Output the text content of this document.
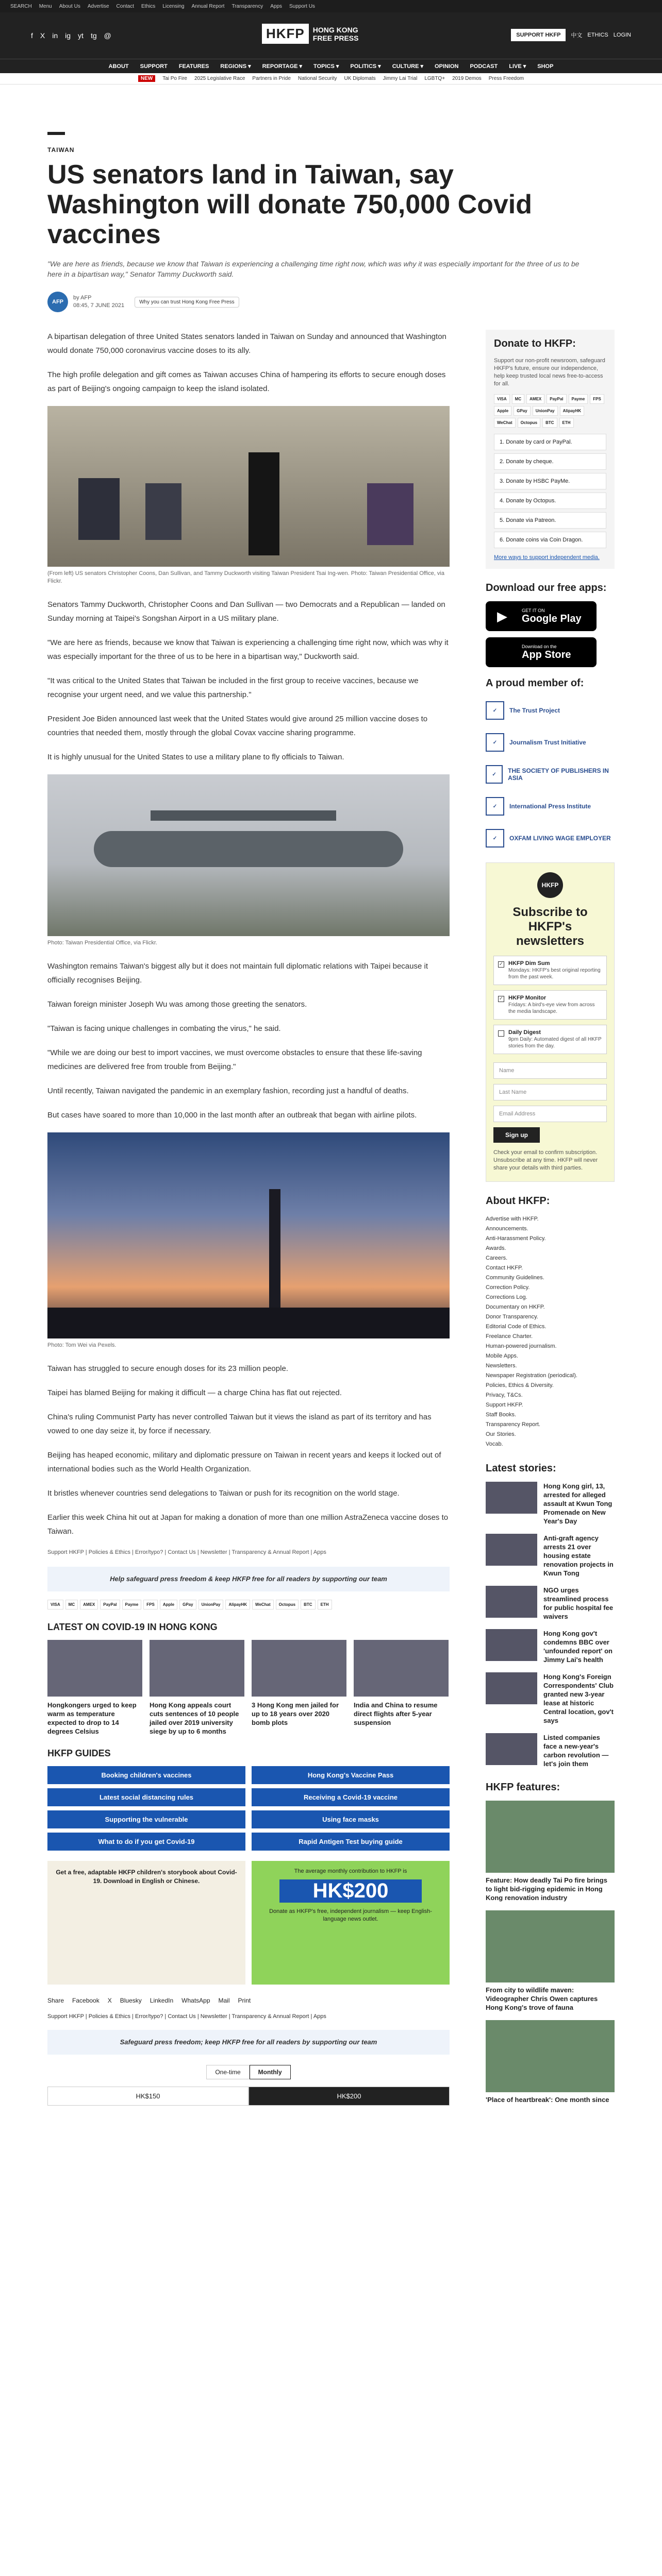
SEARCH Menu About Us Advertise Contact Ethics Licensing Annual Report Transparency Apps Support Us
f X in ig yt tg @	HKFP	HONG KONG
FREE PRESS	SUPPORT HKFP	中文 ETHICS LOGIN
ABOUT SUPPORT FEATURES REGIONS ▾ REPORTAGE ▾ TOPICS ▾ POLITICS ▾ CULTURE ▾ OPINION PODCAST LIVE ▾ SHOP
NEW	Tai Po Fire 2025 Legislative Race Partners in Pride National Security UK Diplomats Jimmy Lai Trial LGBTQ+ 2019 Demos Press Freedom
TAIWAN
US senators land in Taiwan, say Washington will donate 750,000 Covid vaccines
"We are here as friends, because we know that Taiwan is experiencing a challenging time right now, which was why it was especially important for the three of us to be here in a bipartisan way," Senator Tammy Duckworth said.
AFP
by AFP
08:45, 7 JUNE 2021
Why you can trust Hong Kong Free Press

A bipartisan delegation of three United States senators landed in Taiwan on Sunday and announced that Washington would donate 750,000 coronavirus vaccine doses to its ally.

The high profile delegation and gift comes as Taiwan accuses China of hampering its efforts to secure enough doses as part of Beijing's ongoing campaign to keep the island isolated.

(From left) US senators Christopher Coons, Dan Sullivan, and Tammy Duckworth visiting Taiwan President Tsai Ing-wen. Photo: Taiwan Presidential Office, via Flickr.

Senators Tammy Duckworth, Christopher Coons and Dan Sullivan — two Democrats and a Republican — landed on Sunday morning at Taipei's Songshan Airport in a US military plane.

"We are here as friends, because we know that Taiwan is experiencing a challenging time right now, which was why it was especially important for the three of us to be here in a bipartisan way," Duckworth said.

"It was critical to the United States that Taiwan be included in the first group to receive vaccines, because we recognise your urgent need, and we value this partnership."

President Joe Biden announced last week that the United States would give around 25 million vaccine doses to countries that needed them, mostly through the global Covax vaccine sharing programme.

It is highly unusual for the United States to use a military plane to fly officials to Taiwan.

Photo: Taiwan Presidential Office, via Flickr.

Washington remains Taiwan's biggest ally but it does not maintain full diplomatic relations with Taipei because it officially recognises Beijing.

Taiwan foreign minister Joseph Wu was among those greeting the senators.

"Taiwan is facing unique challenges in combating the virus," he said.

"While we are doing our best to import vaccines, we must overcome obstacles to ensure that these life-saving medicines are delivered free from trouble from Beijing."

Until recently, Taiwan navigated the pandemic in an exemplary fashion, recording just a handful of deaths.

But cases have soared to more than 10,000 in the last month after an outbreak that began with airline pilots.

Photo: Tom Wei via Pexels.

Taiwan has struggled to secure enough doses for its 23 million people.

Taipei has blamed Beijing for making it difficult — a charge China has flat out rejected.

China's ruling Communist Party has never controlled Taiwan but it views the island as part of its territory and has vowed to one day seize it, by force if necessary.

Beijing has heaped economic, military and diplomatic pressure on Taiwan in recent years and keeps it locked out of international bodies such as the World Health Organization.

It bristles whenever countries send delegations to Taiwan or push for its recognition on the world stage.

Earlier this week China hit out at Japan for making a donation of more than one million AstraZeneca vaccine doses to Taiwan.

Support HKFP | Policies & Ethics | Error/typo? | Contact Us | Newsletter | Transparency & Annual Report | Apps
Help safeguard press freedom & keep HKFP free for all readers by supporting our team
VISA	MC	AMEX	PayPal	Payme	FPS	Apple	GPay	UnionPay	AlipayHK	WeChat	Octopus	BTC	ETH
LATEST ON COVID-19 IN HONG KONG
Hongkongers urged to keep warm as temperature expected to drop to 14 degrees Celsius
Hong Kong appeals court cuts sentences of 10 people jailed over 2019 university siege by up to 6 months
3 Hong Kong men jailed for up to 18 years over 2020 bomb plots
India and China to resume direct flights after 5-year suspension
HKFP GUIDES
Booking children's vaccines	Hong Kong's Vaccine Pass
Latest social distancing rules	Receiving a Covid-19 vaccine
Supporting the vulnerable	Using face masks
What to do if you get Covid-19	Rapid Antigen Test buying guide
Get a free, adaptable HKFP children's storybook about Covid-19. Download in English or Chinese.
The average monthly contribution to HKFP is
HK$200
Donate as HKFP's free, independent journalism — keep English-language news outlet.
Share Facebook X Bluesky LinkedIn WhatsApp Mail Print
Support HKFP | Policies & Ethics | Error/typo? | Contact Us | Newsletter | Transparency & Annual Report | Apps
Safeguard press freedom; keep HKFP free for all readers by supporting our team
One-time	Monthly
HK$150	HK$200
Donate to HKFP:
Support our non-profit newsroom, safeguard HKFP's future, ensure our independence, help keep trusted local news free-to-access for all.
VISA	MC	AMEX	PayPal	Payme	FPS
Apple	GPay	UnionPay	AlipayHK
WeChat	Octopus	BTC	ETH
1. Donate by card or PayPal.
2. Donate by cheque.
3. Donate by HSBC PayMe.
4. Donate by Octopus.
5. Donate via Patreon.
6. Donate coins via Coin Dragon.
More ways to support independent media.
Download our free apps:
▶	GET IT ON
Google Play
Download on the
App Store
A proud member of:
✓	The Trust Project
✓	Journalism Trust Initiative
✓	THE SOCIETY OF PUBLISHERS IN ASIA
✓	International Press Institute
✓	OXFAM LIVING WAGE EMPLOYER
HKFP
Subscribe to HKFP's newsletters
✓ HKFP Dim Sum
Mondays: HKFP's best original reporting from the past week.
✓ HKFP Monitor
Fridays: A bird's-eye view from across the media landscape.
Daily Digest
9pm Daily: Automated digest of all HKFP stories from the day.
Name
Last Name
Email Address
Sign up
Check your email to confirm subscription. Unsubscribe at any time. HKFP will never share your details with third parties.
About HKFP:
Advertise with HKFP.
Announcements.
Anti-Harassment Policy.
Awards.
Careers.
Contact HKFP.
Community Guidelines.
Correction Policy.
Corrections Log.
Documentary on HKFP.
Donor Transparency.
Editorial Code of Ethics.
Freelance Charter.
Human-powered journalism.
Mobile Apps.
Newsletters.
Newspaper Registration (periodical).
Policies, Ethics & Diversity.
Privacy, T&Cs.
Support HKFP.
Staff Books.
Transparency Report.
Our Stories.
Vocab.
Latest stories:
Hong Kong girl, 13, arrested for alleged assault at Kwun Tong Promenade on New Year's Day
Anti-graft agency arrests 21 over housing estate renovation projects in Kwun Tong
NGO urges streamlined process for public hospital fee waivers
Hong Kong gov't condemns BBC over 'unfounded report' on Jimmy Lai's health
Hong Kong's Foreign Correspondents' Club granted new 3-year lease at historic Central location, gov't says
Listed companies face a new-year's carbon revolution — let's join them
HKFP features:
Feature: How deadly Tai Po fire brings to light bid-rigging epidemic in Hong Kong renovation industry
From city to wildlife maven: Videographer Chris Owen captures Hong Kong's trove of fauna
'Place of heartbreak': One month since
